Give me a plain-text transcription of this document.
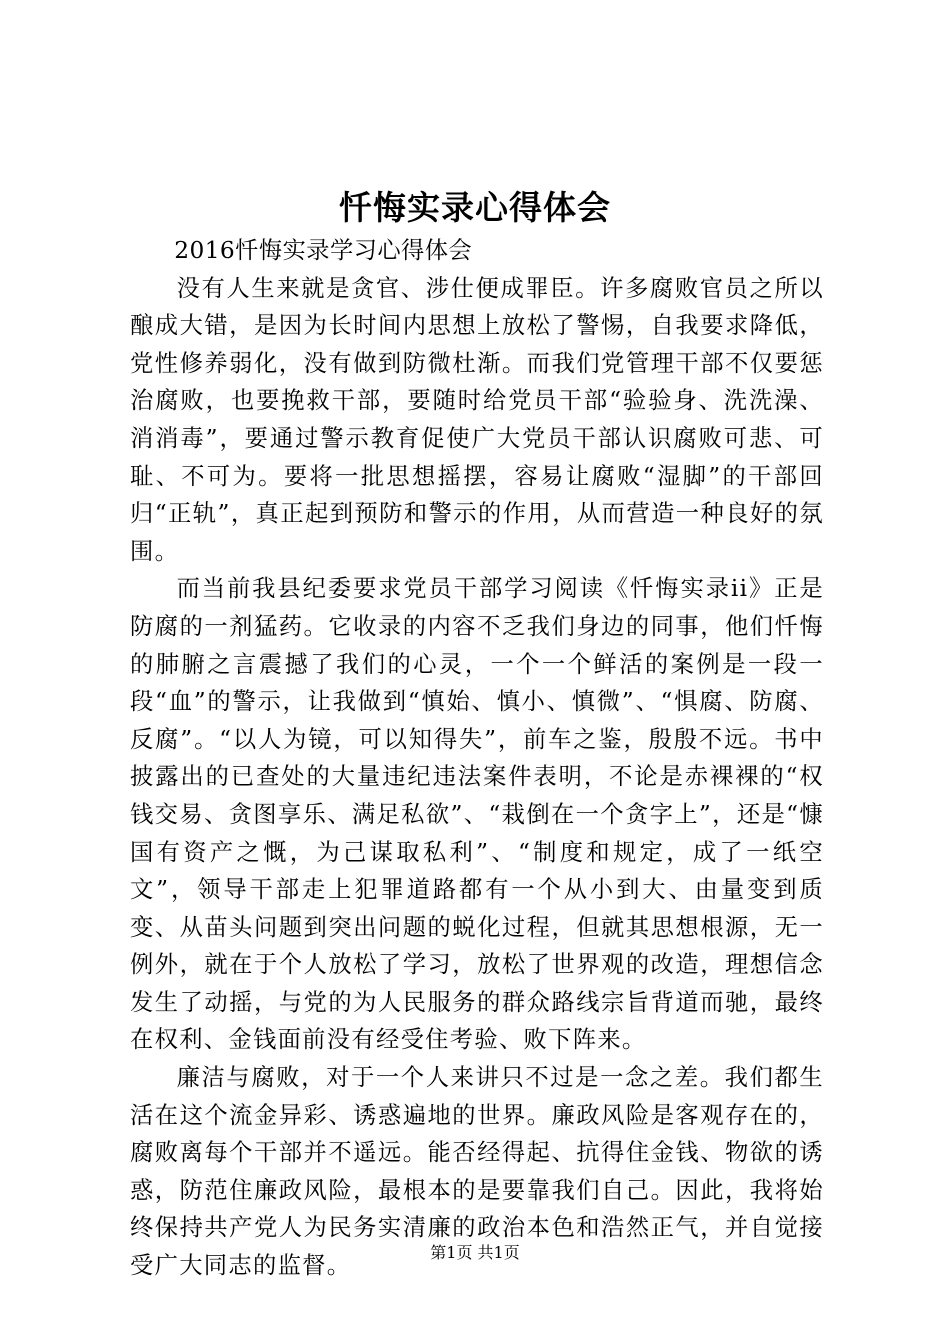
忏悔实录心得体会
2016忏悔实录学习心得体会

没有人生来就是贪官、涉仕便成罪臣。许多腐败官员之所以酿成大错，是因为长时间内思想上放松了警惕，自我要求降低，党性修养弱化，没有做到防微杜渐。而我们党管理干部不仅要惩治腐败，也要挽救干部，要随时给党员干部“验验身、洗洗澡、消消毒”，要通过警示教育促使广大党员干部认识腐败可悲、可耻、不可为。要将一批思想摇摆，容易让腐败“湿脚”的干部回归“正轨”，真正起到预防和警示的作用，从而营造一种良好的氛围。

而当前我县纪委要求党员干部学习阅读《忏悔实录ii》正是防腐的一剂猛药。它收录的内容不乏我们身边的同事，他们忏悔的肺腑之言震撼了我们的心灵，一个一个鲜活的案例是一段一段“血”的警示，让我做到“慎始、慎小、慎微”、“惧腐、防腐、反腐”。“以人为镜，可以知得失”，前车之鉴，殷殷不远。书中披露出的已查处的大量违纪违法案件表明，不论是赤裸裸的“权钱交易、贪图享乐、满足私欲”、“栽倒在一个贪字上”，还是“慷国有资产之慨，为己谋取私利”、“制度和规定，成了一纸空文”，领导干部走上犯罪道路都有一个从小到大、由量变到质变、从苗头问题到突出问题的蜕化过程，但就其思想根源，无一例外，就在于个人放松了学习，放松了世界观的改造，理想信念发生了动摇，与党的为人民服务的群众路线宗旨背道而驰，最终在权利、金钱面前没有经受住考验、败下阵来。

廉洁与腐败，对于一个人来讲只不过是一念之差。我们都生活在这个流金异彩、诱惑遍地的世界。廉政风险是客观存在的，腐败离每个干部并不遥远。能否经得起、抗得住金钱、物欲的诱惑，防范住廉政风险，最根本的是要靠我们自己。因此，我将始终保持共产党人为民务实清廉的政治本色和浩然正气，并自觉接受广大同志的监督。	第1页 共1页
